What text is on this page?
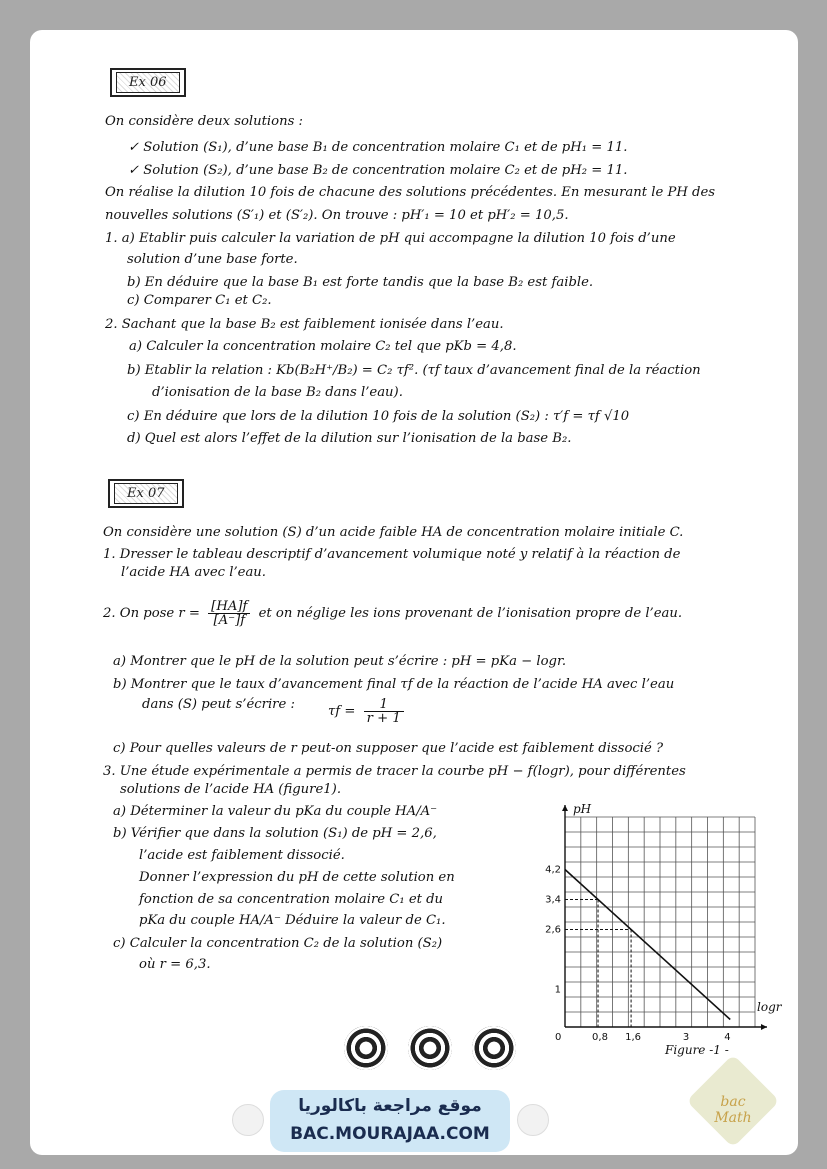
Ex 06
On considère deux solutions :
✓ Solution (S₁), d’une base B₁ de concentration molaire C₁ et de pH₁ = 11.
✓ Solution (S₂), d’une base B₂ de concentration molaire C₂ et de pH₂ = 11.
On réalise la dilution 10 fois de chacune des solutions précédentes. En mesurant le PH des
nouvelles solutions (S′₁) et (S′₂). On trouve : pH′₁ = 10 et pH′₂ = 10,5.
1. a) Etablir puis calculer la variation de pH qui accompagne la dilution 10 fois d’une
solution d’une base forte.
b) En déduire que la base B₁ est forte tandis que la base B₂ est faible.
c) Comparer C₁ et C₂.
2. Sachant que la base B₂ est faiblement ionisée dans l’eau.
a) Calculer la concentration molaire C₂ tel que pKb = 4,8.
b) Etablir la relation : Kb(B₂H⁺/B₂) = C₂ τf². (τf taux d’avancement final de la réaction
d’ionisation de la base B₂ dans l’eau).
c) En déduire que lors de la dilution 10 fois de la solution (S₂) : τ′f = τf √10
d) Quel est alors l’effet de la dilution sur l’ionisation de la base B₂.
Ex 07
On considère une solution (S) d’un acide faible HA de concentration molaire initiale C.
1. Dresser le tableau descriptif d’avancement volumique noté y relatif à la réaction de
l’acide HA avec l’eau.
2. On pose $r = \frac{[HA]f}{[A^-]f}$ et on néglige les ions provenant de l’ionisation propre de l’eau.
a) Montrer que le pH de la solution peut s’écrire : pH = pKa − logr.
b) Montrer que le taux d’avancement final τf de la réaction de l’acide HA avec l’eau
dans (S) peut s’écrire :	$\tau f = \frac{1}{r + 1}$
c) Pour quelles valeurs de r peut-on supposer que l’acide est faiblement dissocié ?
3. Une étude expérimentale a permis de tracer la courbe pH − f(logr), pour différentes
solutions de l’acide HA (figure1).
a) Déterminer la valeur du pKa du couple HA/A⁻
b) Vérifier que dans la solution (S₁) de pH = 2,6,
l’acide est faiblement dissocié.
Donner l’expression du pH de cette solution en
fonction de sa concentration molaire C₁ et du
pKa du couple HA/A⁻ Déduire la valeur de C₁.
c) Calculer la concentration C₂ de la solution (S₂)
où r = 6,3.
0	0,8 1,6	3	4
1
2,6
3,4
4,2
logr
pH
Figure -1 -
موقع مراجعة باكالوريا
BAC.MOURAJAA.COM
bac Math
